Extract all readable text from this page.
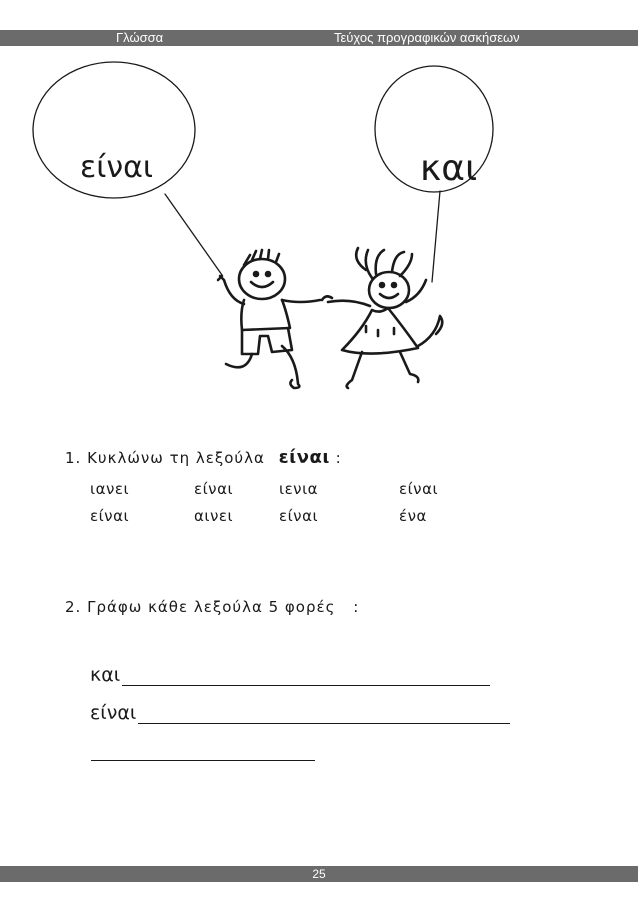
Γλώσσα	Τεύχος προγραφικών ασκήσεων
είναι	και
1. Κυκλώνω τη λεξούλα είναι :
ιανει	είναι	ιενια	είναι
είναι	αινει	είναι	ένα
2. Γράφω κάθε λεξούλα 5 φορές :
και
είναι
25
